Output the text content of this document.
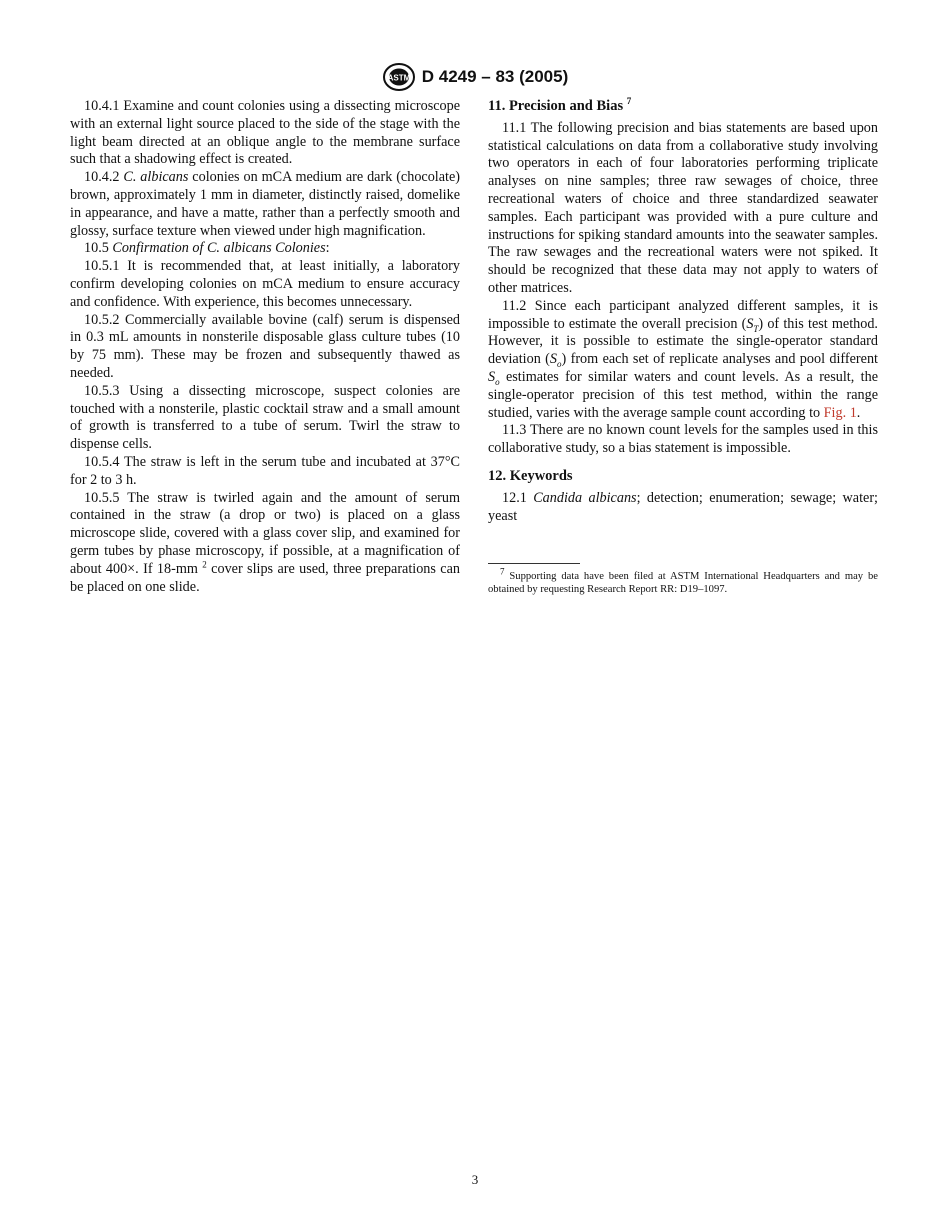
ASTM D 4249 – 83 (2005)

10.4.1 Examine and count colonies using a dissecting microscope with an external light source placed to the side of the stage with the light beam directed at an oblique angle to the membrane surface such that a shadowing effect is created.

10.4.2 C. albicans colonies on mCA medium are dark (chocolate) brown, approximately 1 mm in diameter, distinctly raised, domelike in appearance, and have a matte, rather than a perfectly smooth and glossy, surface texture when viewed under high magnification.

10.5 Confirmation of C. albicans Colonies:

10.5.1 It is recommended that, at least initially, a laboratory confirm developing colonies on mCA medium to ensure accuracy and confidence. With experience, this becomes unnecessary.

10.5.2 Commercially available bovine (calf) serum is dispensed in 0.3 mL amounts in nonsterile disposable glass culture tubes (10 by 75 mm). These may be frozen and subsequently thawed as needed.

10.5.3 Using a dissecting microscope, suspect colonies are touched with a nonsterile, plastic cocktail straw and a small amount of growth is transferred to a tube of serum. Twirl the straw to dispense cells.

10.5.4 The straw is left in the serum tube and incubated at 37°C for 2 to 3 h.

10.5.5 The straw is twirled again and the amount of serum contained in the straw (a drop or two) is placed on a glass microscope slide, covered with a glass cover slip, and examined for germ tubes by phase microscopy, if possible, at a magnification of about 400×. If 18-mm $^2$ cover slips are used, three preparations can be placed on one slide.

11. Precision and Bias $^7$

11.1 The following precision and bias statements are based upon statistical calculations on data from a collaborative study involving two operators in each of four laboratories performing triplicate analyses on nine samples; three raw sewages of choice, three recreational waters of choice and three standardized seawater samples. Each participant was provided with a pure culture and instructions for spiking standard amounts into the seawater samples. The raw sewages and the recreational waters were not spiked. It should be recognized that these data may not apply to waters of other matrices.

11.2 Since each participant analyzed different samples, it is impossible to estimate the overall precision $(S_T)$ of this test method. However, it is possible to estimate the single-operator standard deviation $(S_o)$ from each set of replicate analyses and pool different $S_o$ estimates for similar waters and count levels. As a result, the single-operator precision of this test method, within the range studied, varies with the average sample count according to Fig. 1.

11.3 There are no known count levels for the samples used in this collaborative study, so a bias statement is impossible.

12. Keywords

12.1 Candida albicans; detection; enumeration; sewage; water; yeast

$^7$ Supporting data have been filed at ASTM International Headquarters and may be obtained by requesting Research Report RR: D19–1097.

3
